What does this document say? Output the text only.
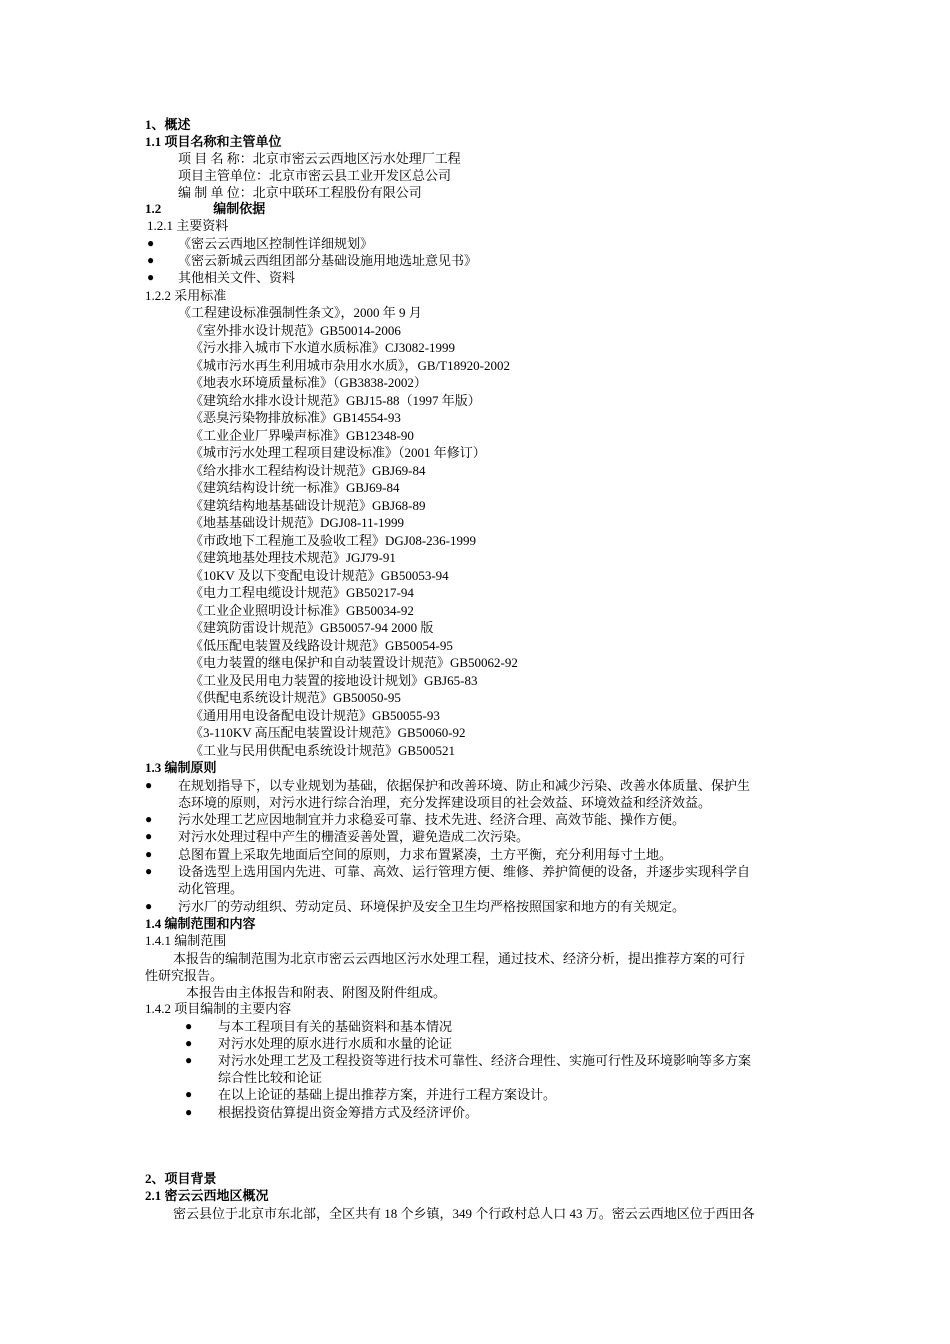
1、概述
1.1 项目名称和主管单位
项 目 名 称：北京市密云云西地区污水处理厂工程
项目主管单位：北京市密云县工业开发区总公司
编 制 单 位：北京中联环工程股份有限公司
1.2	编制依据
1.2.1 主要资料
● 《密云云西地区控制性详细规划》
● 《密云新城云西组团部分基础设施用地选址意见书》
● 其他相关文件、资料
1.2.2 采用标准
《工程建设标准强制性条文》，2000 年 9 月
《室外排水设计规范》GB50014-2006
《污水排入城市下水道水质标准》CJ3082-1999
《城市污水再生利用城市杂用水水质》，GB/T18920-2002
《地表水环境质量标准》（GB3838-2002）
《建筑给水排水设计规范》GBJ15-88（1997 年版）
《恶臭污染物排放标准》GB14554-93
《工业企业厂界噪声标准》GB12348-90
《城市污水处理工程项目建设标准》（2001 年修订）
《给水排水工程结构设计规范》GBJ69-84
《建筑结构设计统一标准》GBJ69-84
《建筑结构地基基础设计规范》GBJ68-89
《地基基础设计规范》DGJ08-11-1999
《市政地下工程施工及验收工程》DGJ08-236-1999
《建筑地基处理技术规范》JGJ79-91
《10KV 及以下变配电设计规范》GB50053-94
《电力工程电缆设计规范》GB50217-94
《工业企业照明设计标准》GB50034-92
《建筑防雷设计规范》GB50057-94 2000 版
《低压配电装置及线路设计规范》GB50054-95
《电力装置的继电保护和自动装置设计规范》GB50062-92
《工业及民用电力装置的接地设计规划》GBJ65-83
《供配电系统设计规范》GB50050-95
《通用用电设备配电设计规范》GB50055-93
《3-110KV 高压配电装置设计规范》GB50060-92
《工业与民用供配电系统设计规范》GB500521
1.3 编制原则
● 在规划指导下，以专业规划为基础，依据保护和改善环境、防止和减少污染、改善水体质量、保护生
态环境的原则，对污水进行综合治理，充分发挥建设项目的社会效益、环境效益和经济效益。
● 污水处理工艺应因地制宜并力求稳妥可靠、技术先进、经济合理、高效节能、操作方便。
● 对污水处理过程中产生的栅渣妥善处置，避免造成二次污染。
● 总图布置上采取先地面后空间的原则，力求布置紧凑，土方平衡，充分利用每寸土地。
● 设备选型上选用国内先进、可靠、高效、运行管理方便、维修、养护简便的设备，并逐步实现科学自
动化管理。
● 污水厂的劳动组织、劳动定员、环境保护及安全卫生均严格按照国家和地方的有关规定。
1.4 编制范围和内容
1.4.1 编制范围
本报告的编制范围为北京市密云云西地区污水处理工程，通过技术、经济分析，提出推荐方案的可行
性研究报告。
本报告由主体报告和附表、附图及附件组成。
1.4.2 项目编制的主要内容
● 与本工程项目有关的基础资料和基本情况
● 对污水处理的原水进行水质和水量的论证
● 对污水处理工艺及工程投资等进行技术可靠性、经济合理性、实施可行性及环境影响等多方案
综合性比较和论证
● 在以上论证的基础上提出推荐方案，并进行工程方案设计。
● 根据投资估算提出资金筹措方式及经济评价。
2、项目背景
2.1 密云云西地区概况
密云县位于北京市东北部，全区共有 18 个乡镇，349 个行政村总人口 43 万。密云云西地区位于西田各
